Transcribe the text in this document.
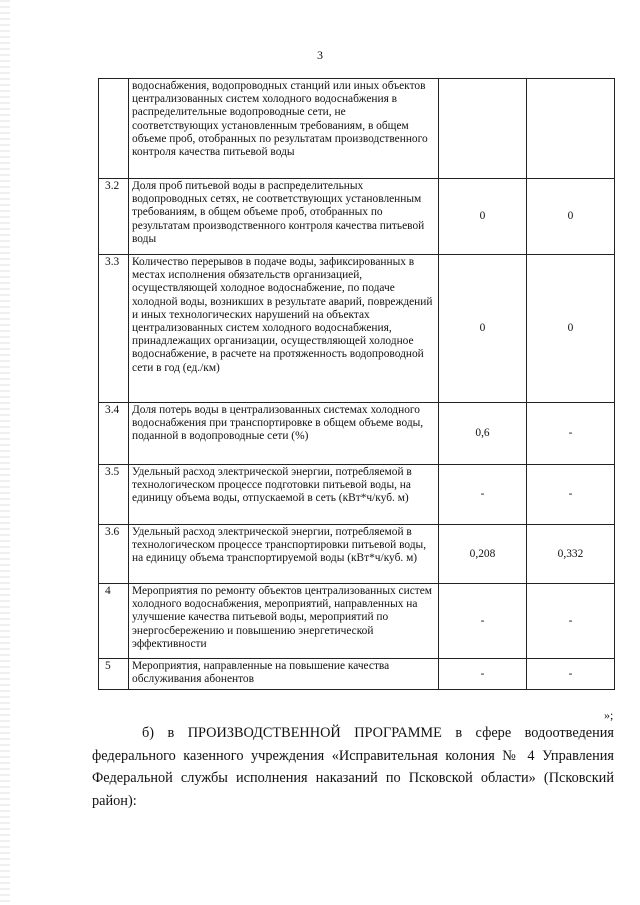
3
	водоснабжения, водопроводных станций или иных объектов централизованных систем холодного водоснабжения в распределительные водопроводные сети, не соответствующих установленным требованиям, в общем объеме проб, отобранных по результатам производственного контроля качества питьевой воды		
3.2	Доля проб питьевой воды в распределительных водопроводных сетях, не соответствующих установленным требованиям, в общем объеме проб, отобранных по результатам производственного контроля качества питьевой воды	0	0
3.3	Количество перерывов в подаче воды, зафиксированных в местах исполнения обязательств организацией, осуществляющей холодное водоснабжение, по подаче холодной воды, возникших в результате аварий, повреждений и иных технологических нарушений на объектах централизованных систем холодного водоснабжения, принадлежащих организации, осуществляющей холодное водоснабжение, в расчете на протяженность водопроводной сети в год (ед./км)	0	0
3.4	Доля потерь воды в централизованных системах холодного водоснабжения при транспортировке в общем объеме воды, поданной в водопроводные сети (%)	0,6	-
3.5	Удельный расход электрической энергии, потребляемой в технологическом процессе подготовки питьевой воды, на единицу объема воды, отпускаемой в сеть (кВт*ч/куб. м)	-	-
3.6	Удельный расход электрической энергии, потребляемой в технологическом процессе транспортировки питьевой воды, на единицу объема транспортируемой воды (кВт*ч/куб. м)	0,208	0,332
4	Мероприятия по ремонту объектов централизованных систем холодного водоснабжения, мероприятий, направленных на улучшение качества питьевой воды, мероприятий по энергосбережению и повышению энергетической эффективности	-	-
5	Мероприятия, направленные на повышение качества обслуживания абонентов	-	-
»;
б) в ПРОИЗВОДСТВЕННОЙ ПРОГРАММЕ в сфере водоотведения федерального казенного учреждения «Исправительная колония № 4 Управления Федеральной службы исполнения наказаний по Псковской области» (Псковский район):
